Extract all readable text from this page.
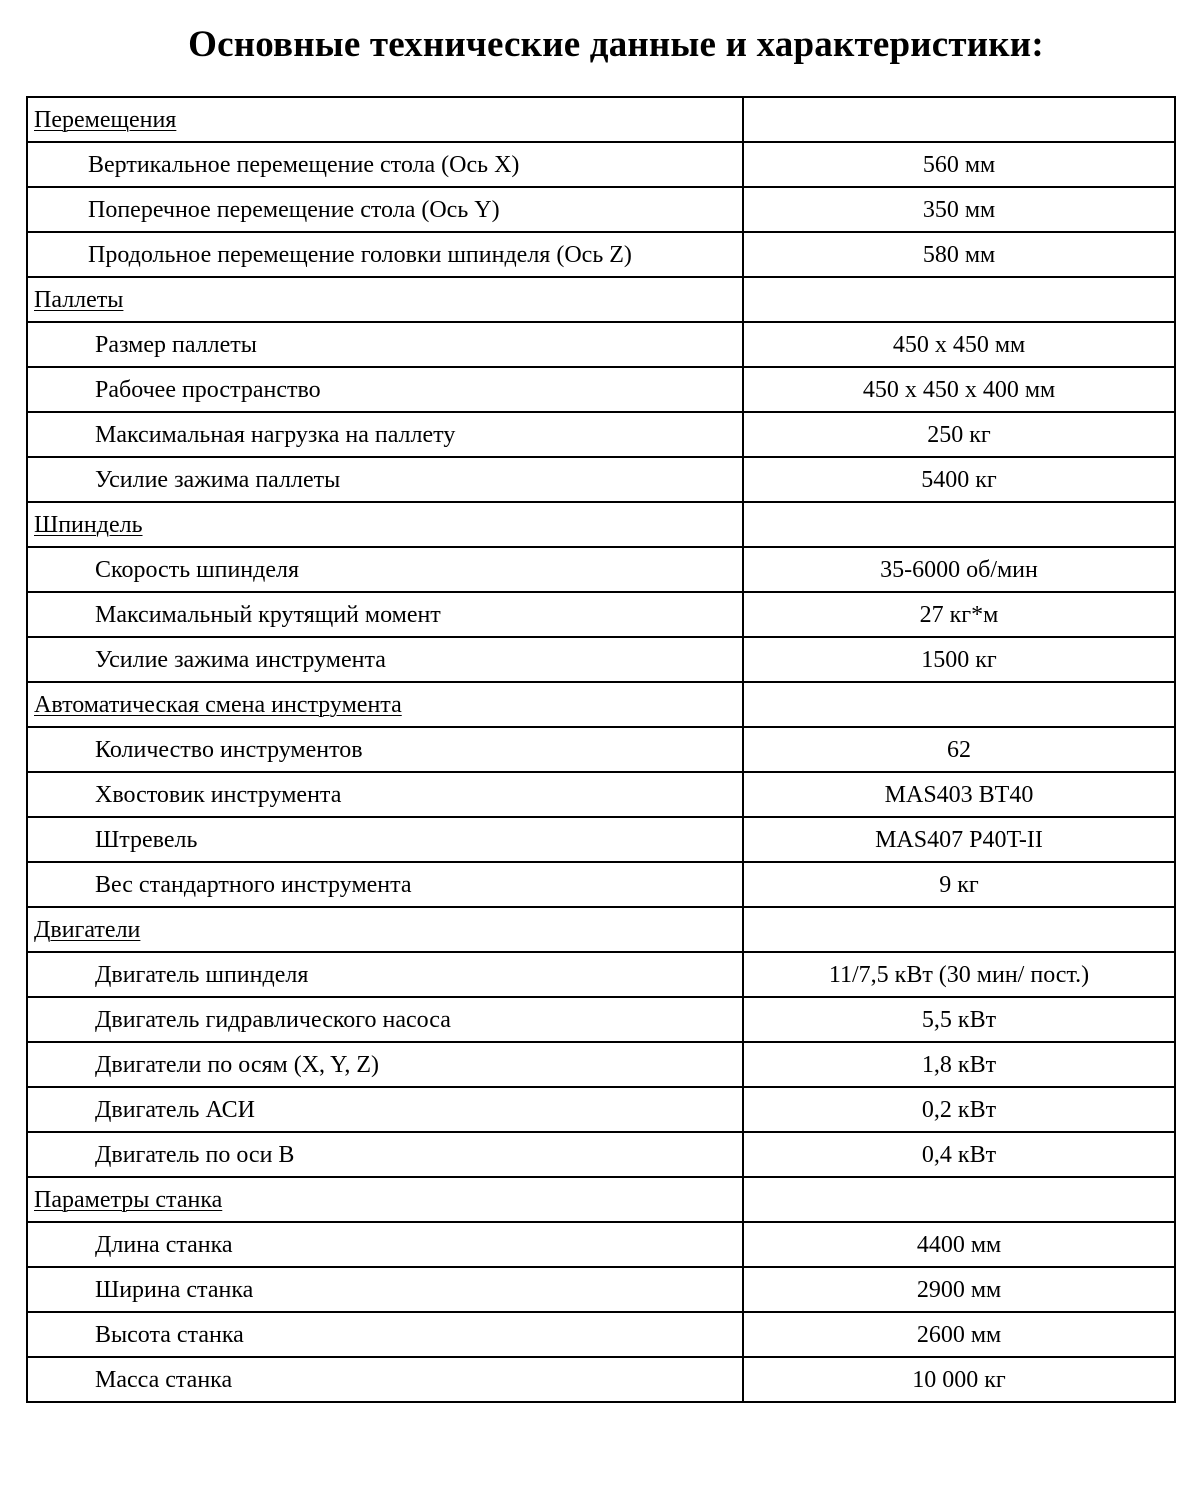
Основные технические данные и характеристики:
Перемещения	
Вертикальное перемещение стола (Ось X)	560 мм
Поперечное перемещение стола (Ось Y)	350 мм
Продольное перемещение головки шпинделя (Ось Z)	580 мм
Паллеты	
Размер паллеты	450 х 450 мм
Рабочее пространство	450 х 450 х 400 мм
Максимальная нагрузка на паллету	250 кг
Усилие зажима паллеты	5400 кг
Шпиндель	
Скорость шпинделя	35-6000 об/мин
Максимальный крутящий момент	27 кг*м
Усилие зажима инструмента	1500 кг
Автоматическая смена инструмента	
Количество инструментов	62
Хвостовик инструмента	MAS403 BT40
Штревель	MAS407 P40T-II
Вес стандартного инструмента	9 кг
Двигатели	
Двигатель шпинделя	11/7,5 кВт (30 мин/ пост.)
Двигатель гидравлического насоса	5,5 кВт
Двигатели по осям (X, Y, Z)	1,8 кВт
Двигатель АСИ	0,2 кВт
Двигатель по оси В	0,4 кВт
Параметры станка	
Длина станка	4400 мм
Ширина станка	2900 мм
Высота станка	2600 мм
Масса станка	10 000 кг
